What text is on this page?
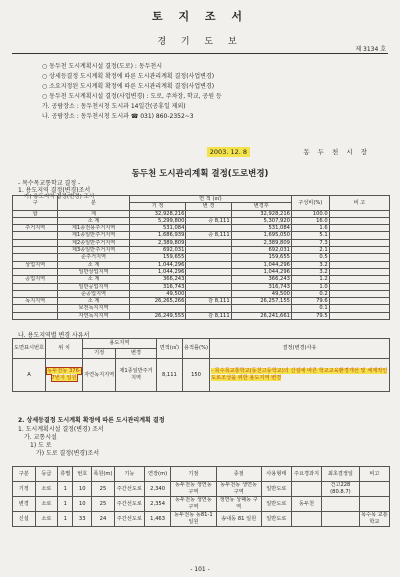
토 지 조 서
경 기 도 보
제 3134 호
○ 동두천 도시계획시설 결정(도로) : 동두천시
○ 상세등결정 도시계획 확정에 따른 도시관리계획 결정(사업변경)
○ 소요지정된 도시계획 확정에 따른 도시관리계획 결정(사업변경)
○ 동두천 도시계획시설 결정(사업변경) : 도로, 주차장, 학교, 공원 등
가. 공람장소 : 동두천시청 도시과 14일간(공휴일 제외)
나. 공람장소 : 동두천시청 도시과 ☎ 031) 860-2352~3
2003. 12. 8	동 두 천 시 장
동두천 도시관리계획 결정(도로변경)
- 목수목교통학교 결정 -
1. 용도지역 결정(변경)조서
가) 용도지역 결정(변경) 조서
구	분	면 적 (㎡)			구성비(%)	비 고
		기 정	변 경	변경후		
합	계	32,928,216		32,928,216	100.0	
	소 계	5,299,800	증 8,111	5,307,920	16.0	
주거지역	제1종전용주거지역	531,084		531,084	1.6	
	제1종일반주거지역	1,686,939	증 8,111	1,695,050	5.1	
	제2종일반주거지역	2,389,809		2,389,809	7.3	
	제3종일반주거지역	692,031		692,031	2.1	
	준주거지역	159,655		159,655	0.5	
상업지역	소 계	1,044,296		1,044,296	3.2	
	일반상업지역	1,044,296		1,044,296	3.2	
공업지역	소 계	366,243		366,243	1.2	
	일반공업지역	316,743		316,743	1.0	
	준공업지역	49,500		49,500	0.2	
녹지지역	소 계	26,265,266	감 8,111	26,257,155	79.6	
	보전녹지지역				0.1	
	자연녹지지역	26,249,555	감 8,111	26,241,661	79.5	
나. 용도지역별 변경 사유서
도면표시번호	위 치	용도지역		면적(㎡)	용적률(%)	결정(변경)사유
		기정	변경			
A	동두천동 376-7번지 일원	자연녹지지역	제1종일반주거지역	8,111	150	- 목수목교통학교(동천고등학교)의 신설에 따른 학교교육환경개선 및 체계적인 도로조성을 위한 용도지역 변경
2. 상세등결정 도시계획 확정에 따른 도시관리계획 결정
1. 도시계획시설 결정(변경) 조서
가. 교통시설
1) 도 로
가) 도로 결정(변경)조서
구분	등급	류별	번호	폭원(m)	기능	연장(m)	기점	종점	사용형태	주요경과지	최초결정일	비고
기정	소로	1	10	25	주간선도로	2,340	동두천동 생연동 구역	동두천동 생연동 구역	일반도로		건고228 (80.8.7)	
변경	소로	1	10	25	주간선도로	2,354	동두천동 생연동 구역	생연동 상패동 구역	일반도로	동두천		
신설	소로	1	33	24	주간선도로	1,463	동두천동 동81-1 일원	송내동 81 일원	일반도로			목수목 교통학교
- 101 -
